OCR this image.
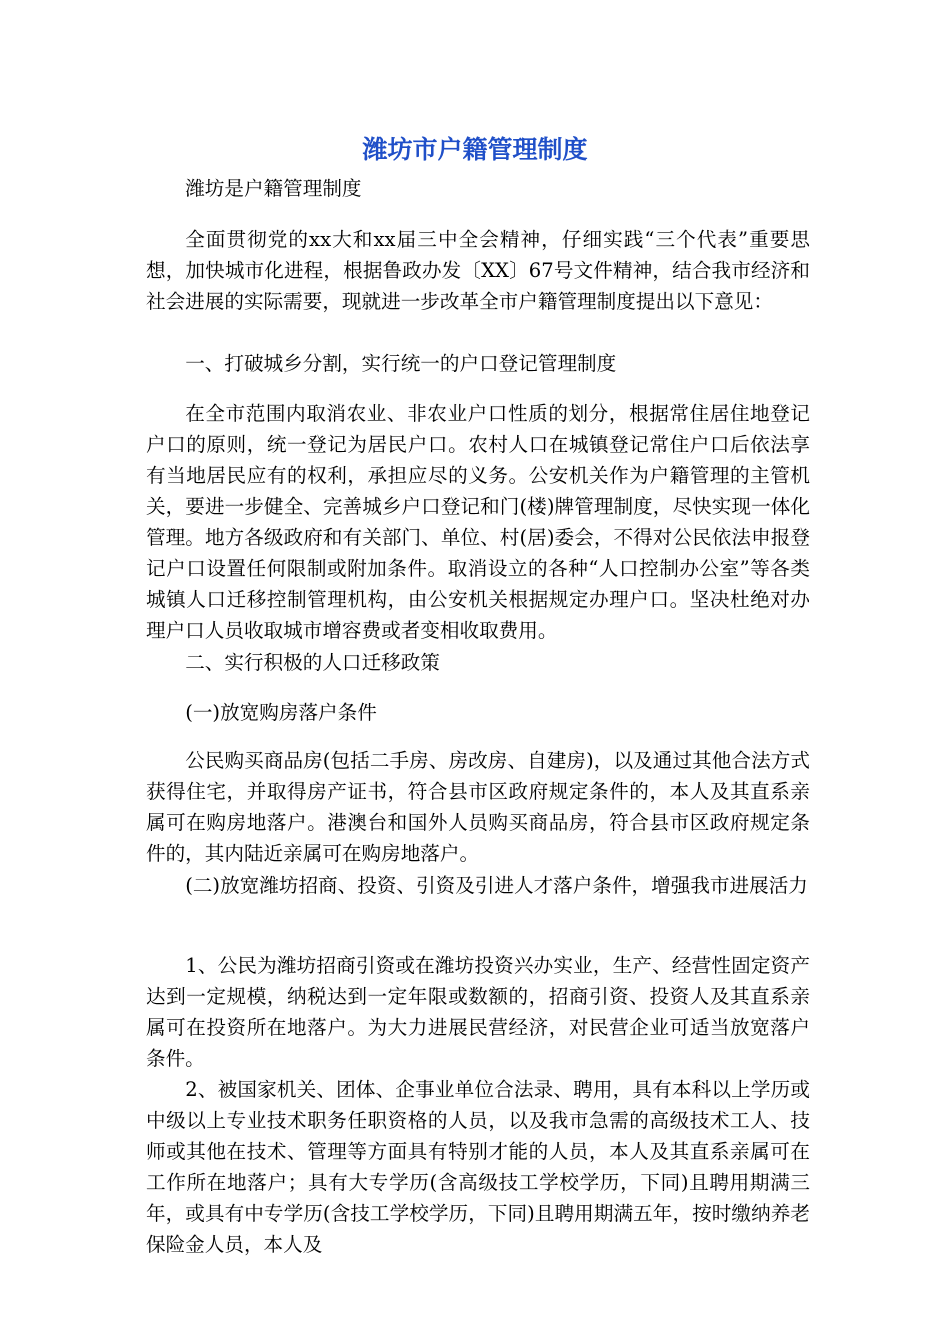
潍坊市户籍管理制度

潍坊是户籍管理制度

全面贯彻党的xx大和xx届三中全会精神，仔细实践“三个代表”重要思想，加快城市化进程，根据鲁政办发〔XX〕67号文件精神，结合我市经济和社会进展的实际需要，现就进一步改革全市户籍管理制度提出以下意见：

一、打破城乡分割，实行统一的户口登记管理制度

在全市范围内取消农业、非农业户口性质的划分，根据常住居住地登记户口的原则，统一登记为居民户口。农村人口在城镇登记常住户口后依法享有当地居民应有的权利，承担应尽的义务。公安机关作为户籍管理的主管机关，要进一步健全、完善城乡户口登记和门(楼)牌管理制度，尽快实现一体化管理。地方各级政府和有关部门、单位、村(居)委会，不得对公民依法申报登记户口设置任何限制或附加条件。取消设立的各种“人口控制办公室”等各类城镇人口迁移控制管理机构，由公安机关根据规定办理户口。坚决杜绝对办理户口人员收取城市增容费或者变相收取费用。

二、实行积极的人口迁移政策

(一)放宽购房落户条件

公民购买商品房(包括二手房、房改房、自建房)，以及通过其他合法方式获得住宅，并取得房产证书，符合县市区政府规定条件的，本人及其直系亲属可在购房地落户。港澳台和国外人员购买商品房，符合县市区政府规定条件的，其内陆近亲属可在购房地落户。

(二)放宽潍坊招商、投资、引资及引进人才落户条件，增强我市进展活力

1、公民为潍坊招商引资或在潍坊投资兴办实业，生产、经营性固定资产达到一定规模，纳税达到一定年限或数额的，招商引资、投资人及其直系亲属可在投资所在地落户。为大力进展民营经济，对民营企业可适当放宽落户条件。

2、被国家机关、团体、企事业单位合法录、聘用，具有本科以上学历或中级以上专业技术职务任职资格的人员，以及我市急需的高级技术工人、技师或其他在技术、管理等方面具有特别才能的人员，本人及其直系亲属可在工作所在地落户；具有大专学历(含高级技工学校学历，下同)且聘用期满三年，或具有中专学历(含技工学校学历，下同)且聘用期满五年，按时缴纳养老保险金人员，本人及
